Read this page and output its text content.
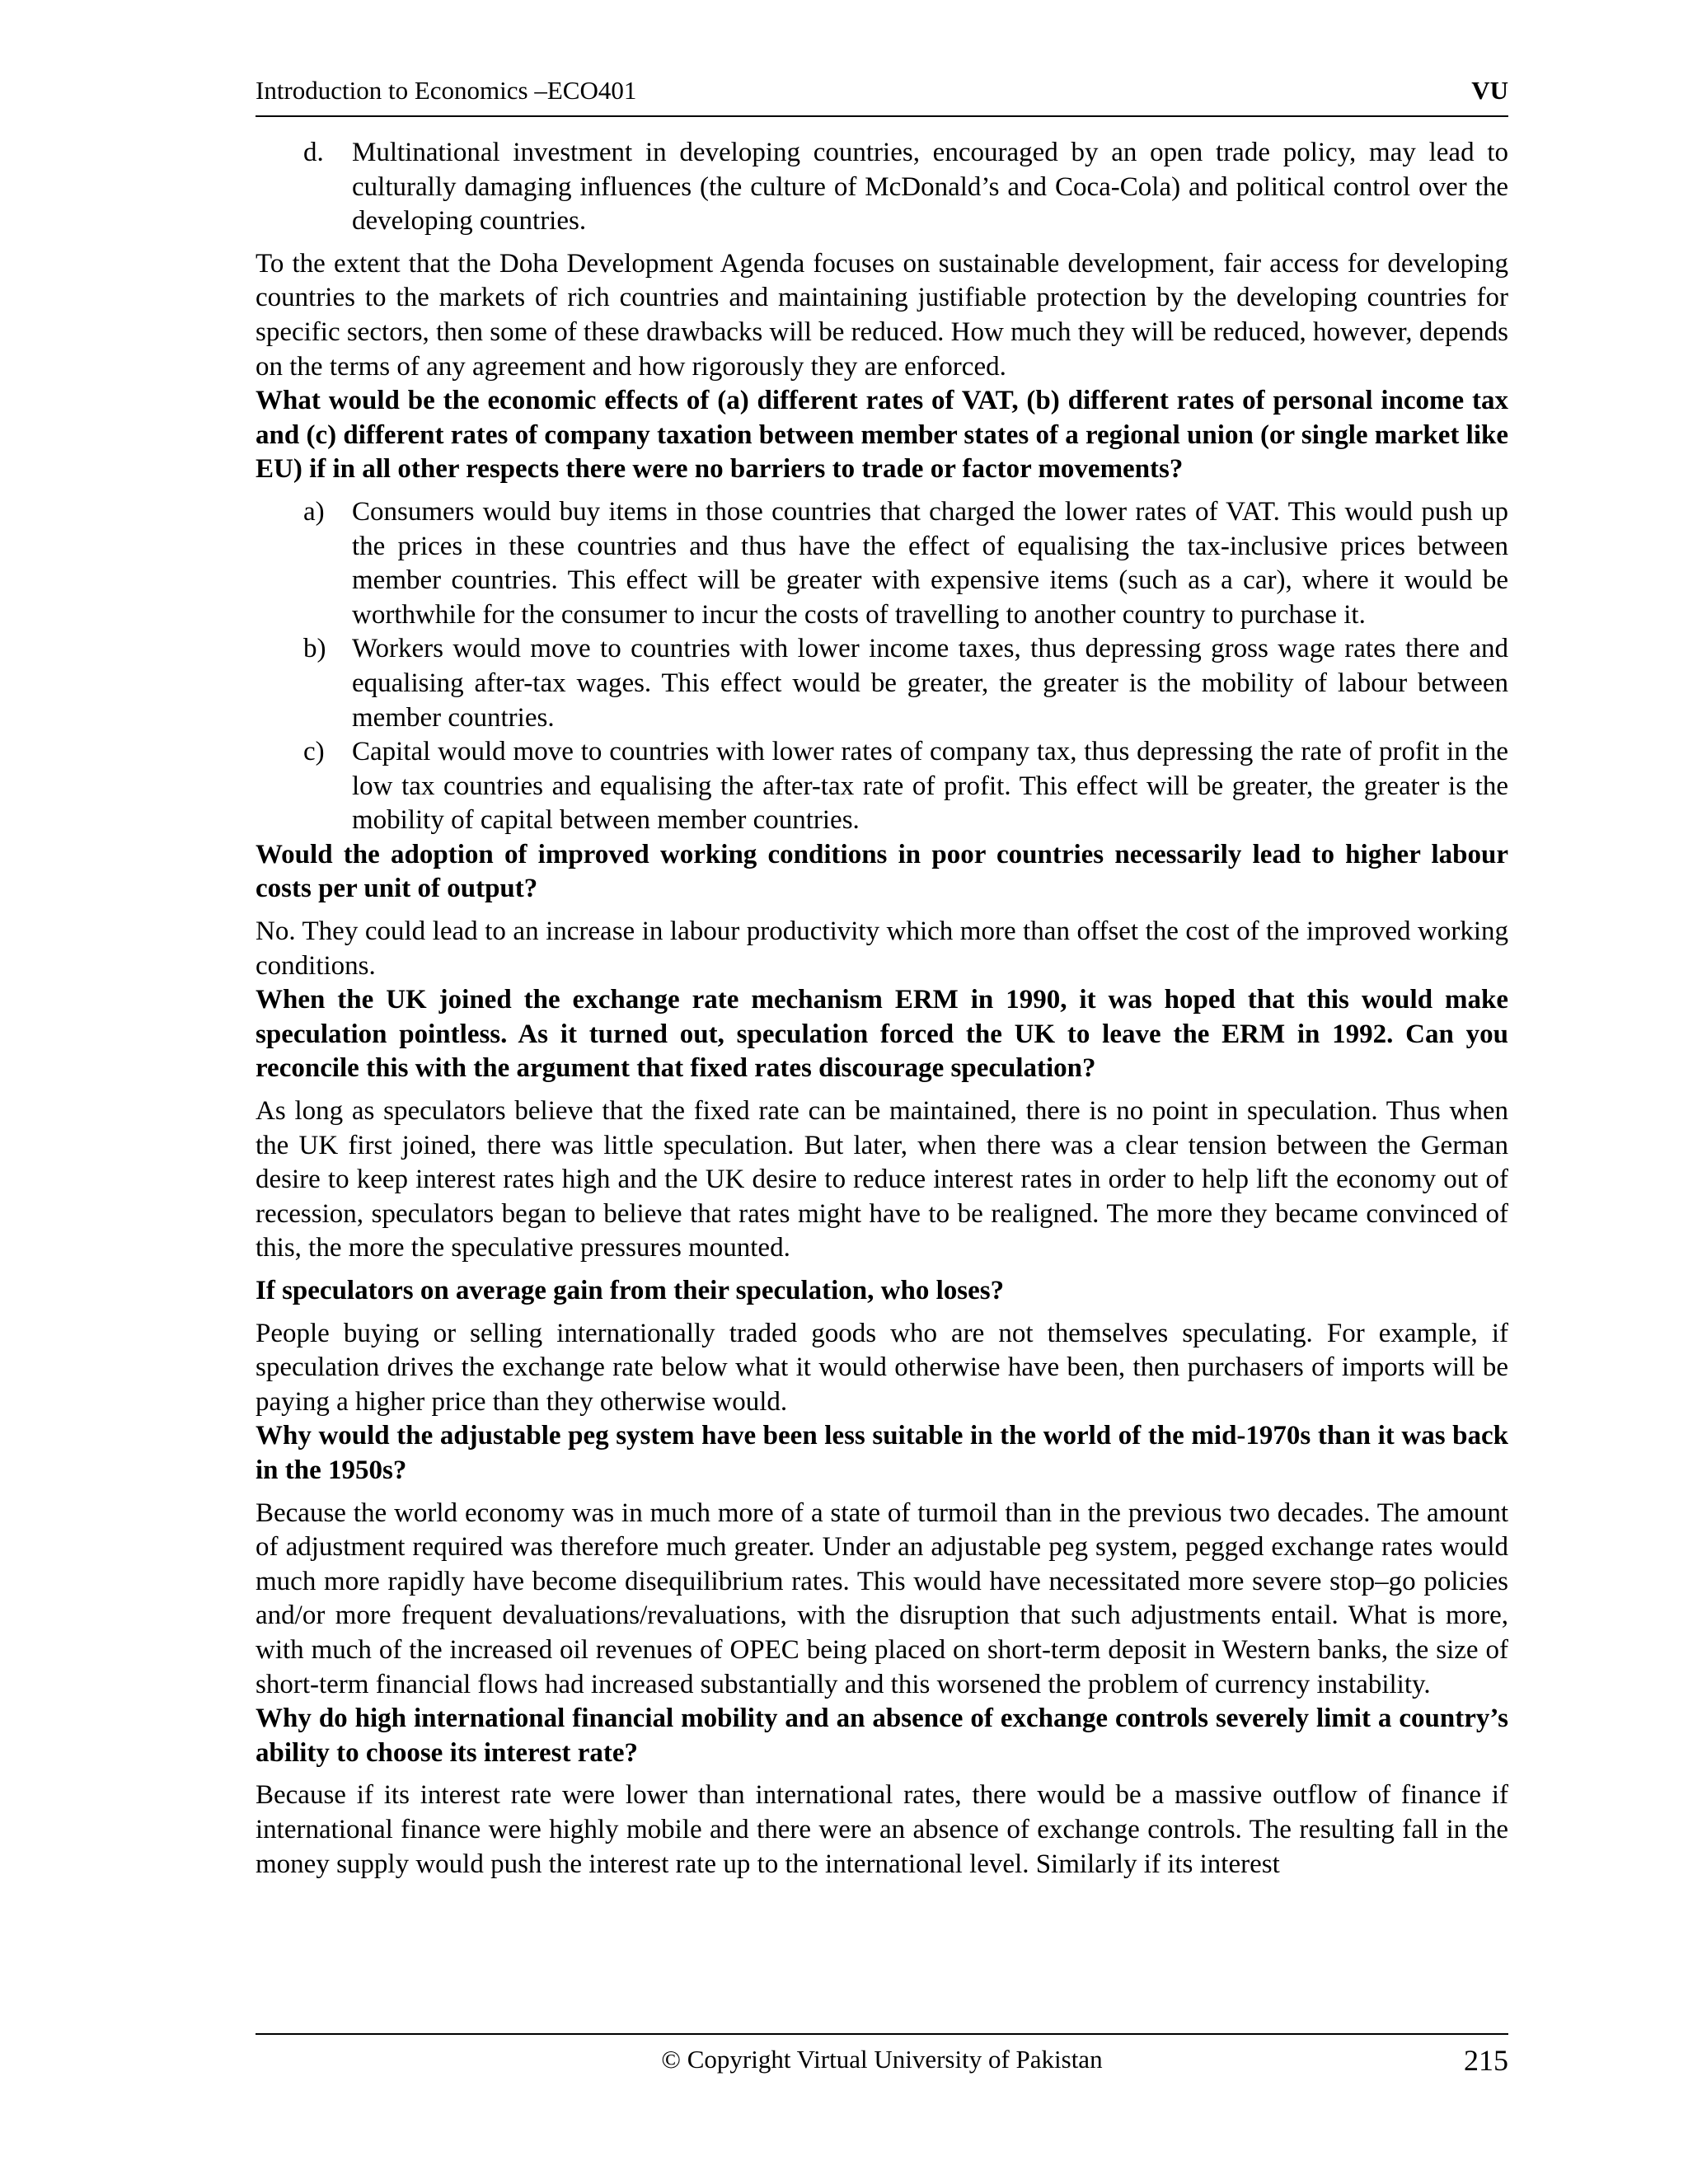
Introduction to Economics –ECO401	VU
d. Multinational investment in developing countries, encouraged by an open trade policy, may lead to culturally damaging influences (the culture of McDonald’s and Coca-Cola) and political control over the developing countries.

To the extent that the Doha Development Agenda focuses on sustainable development, fair access for developing countries to the markets of rich countries and maintaining justifiable protection by the developing countries for specific sectors, then some of these drawbacks will be reduced. How much they will be reduced, however, depends on the terms of any agreement and how rigorously they are enforced.

What would be the economic effects of (a) different rates of VAT, (b) different rates of personal income tax and (c) different rates of company taxation between member states of a regional union (or single market like EU) if in all other respects there were no barriers to trade or factor movements?

a) Consumers would buy items in those countries that charged the lower rates of VAT. This would push up the prices in these countries and thus have the effect of equalising the tax-inclusive prices between member countries. This effect will be greater with expensive items (such as a car), where it would be worthwhile for the consumer to incur the costs of travelling to another country to purchase it.
b) Workers would move to countries with lower income taxes, thus depressing gross wage rates there and equalising after-tax wages. This effect would be greater, the greater is the mobility of labour between member countries.
c) Capital would move to countries with lower rates of company tax, thus depressing the rate of profit in the low tax countries and equalising the after-tax rate of profit. This effect will be greater, the greater is the mobility of capital between member countries.

Would the adoption of improved working conditions in poor countries necessarily lead to higher labour costs per unit of output?

No. They could lead to an increase in labour productivity which more than offset the cost of the improved working conditions.

When the UK joined the exchange rate mechanism ERM in 1990, it was hoped that this would make speculation pointless. As it turned out, speculation forced the UK to leave the ERM in 1992. Can you reconcile this with the argument that fixed rates discourage speculation?

As long as speculators believe that the fixed rate can be maintained, there is no point in speculation. Thus when the UK first joined, there was little speculation. But later, when there was a clear tension between the German desire to keep interest rates high and the UK desire to reduce interest rates in order to help lift the economy out of recession, speculators began to believe that rates might have to be realigned. The more they became convinced of this, the more the speculative pressures mounted.

If speculators on average gain from their speculation, who loses?

People buying or selling internationally traded goods who are not themselves speculating. For example, if speculation drives the exchange rate below what it would otherwise have been, then purchasers of imports will be paying a higher price than they otherwise would.

Why would the adjustable peg system have been less suitable in the world of the mid-1970s than it was back in the 1950s?

Because the world economy was in much more of a state of turmoil than in the previous two decades. The amount of adjustment required was therefore much greater. Under an adjustable peg system, pegged exchange rates would much more rapidly have become disequilibrium rates. This would have necessitated more severe stop–go policies and/or more frequent devaluations/revaluations, with the disruption that such adjustments entail. What is more, with much of the increased oil revenues of OPEC being placed on short-term deposit in Western banks, the size of short-term financial flows had increased substantially and this worsened the problem of currency instability.

Why do high international financial mobility and an absence of exchange controls severely limit a country’s ability to choose its interest rate?

Because if its interest rate were lower than international rates, there would be a massive outflow of finance if international finance were highly mobile and there were an absence of exchange controls. The resulting fall in the money supply would push the interest rate up to the international level. Similarly if its interest

© Copyright Virtual University of Pakistan	215
